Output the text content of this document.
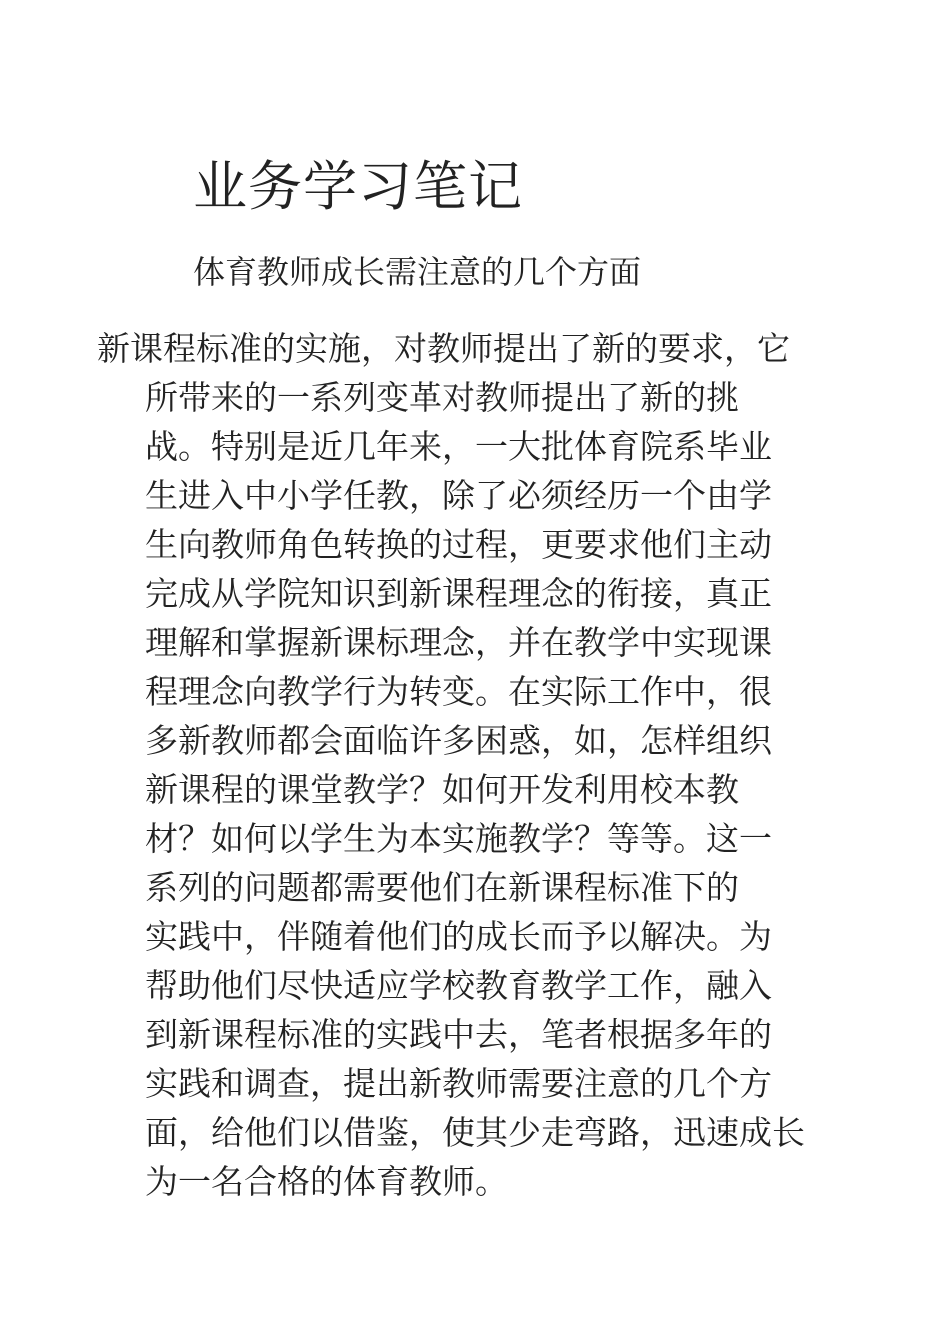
业务学习笔记
体育教师成长需注意的几个方面
新课程标准的实施，对教师提出了新的要求，它
所带来的一系列变革对教师提出了新的挑
战。特别是近几年来，一大批体育院系毕业
生进入中小学任教，除了必须经历一个由学
生向教师角色转换的过程，更要求他们主动
完成从学院知识到新课程理念的衔接，真正
理解和掌握新课标理念，并在教学中实现课
程理念向教学行为转变。在实际工作中，很
多新教师都会面临许多困惑，如，怎样组织
新课程的课堂教学？如何开发利用校本教
材？如何以学生为本实施教学？等等。这一
系列的问题都需要他们在新课程标准下的
实践中，伴随着他们的成长而予以解决。为
帮助他们尽快适应学校教育教学工作，融入
到新课程标准的实践中去，笔者根据多年的
实践和调查，提出新教师需要注意的几个方
面，给他们以借鉴，使其少走弯路，迅速成长
为一名合格的体育教师。
